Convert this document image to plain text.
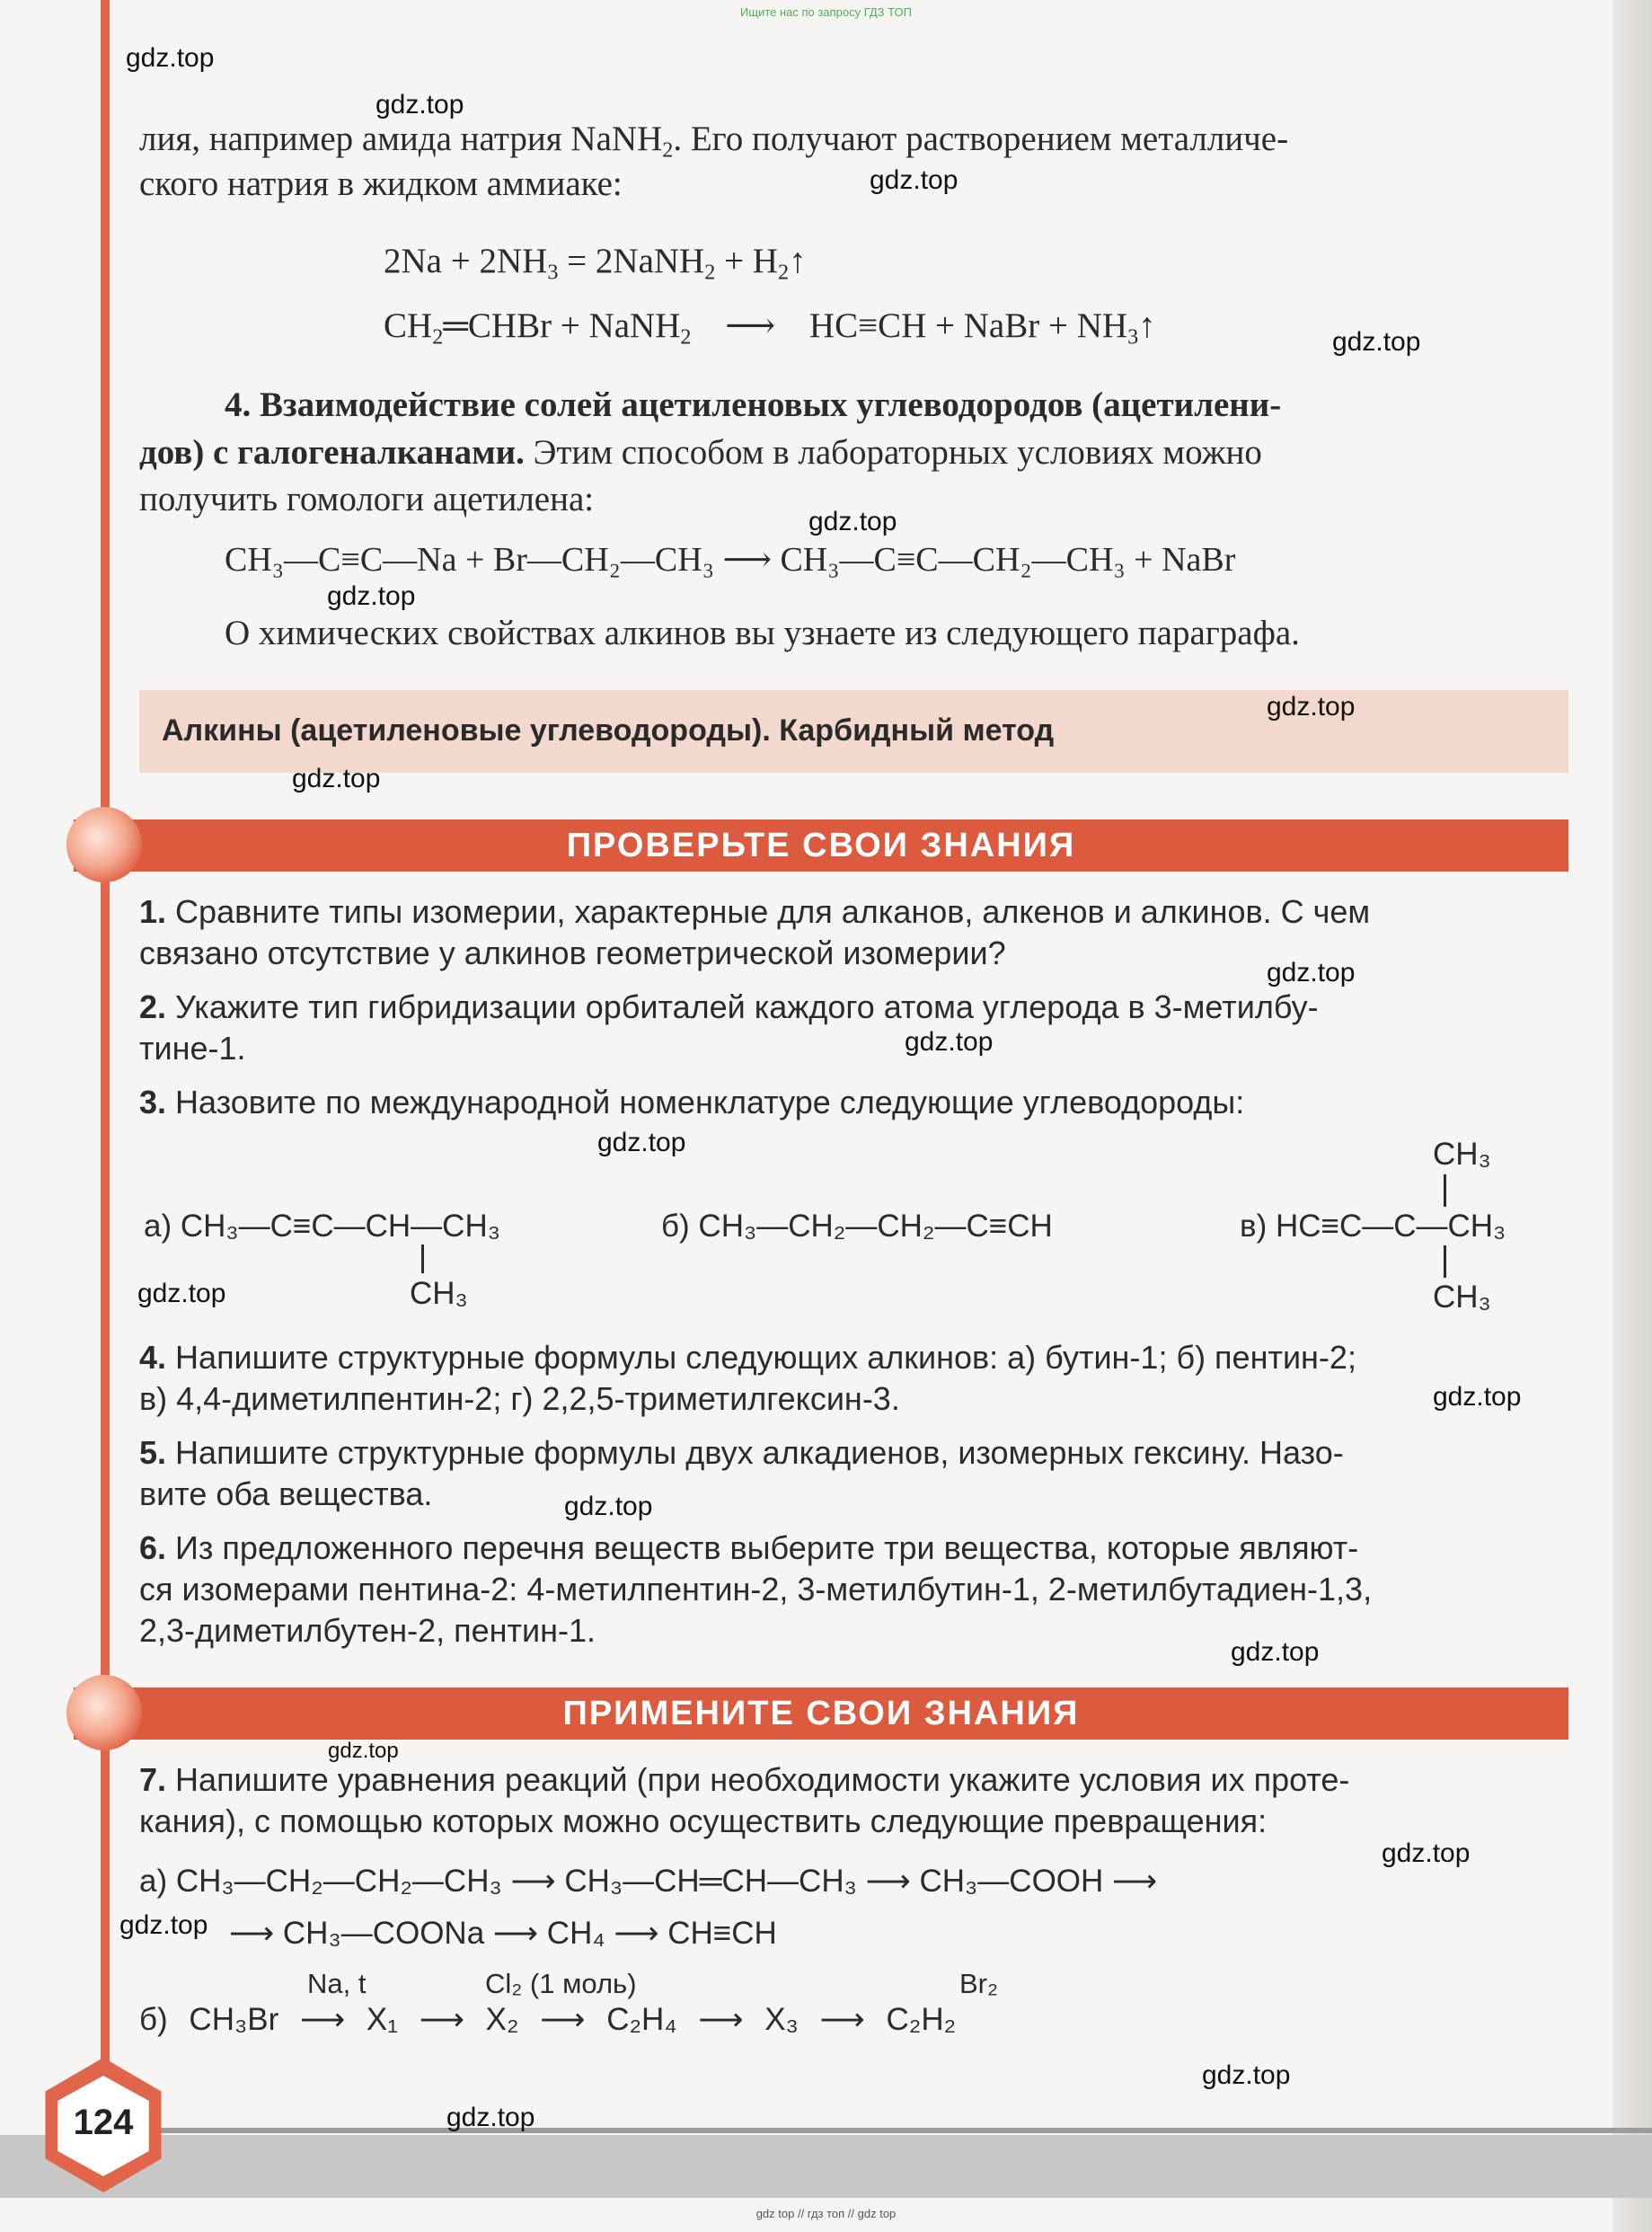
Ищите нас по запросу ГДЗ ТОП
лия, например амида натрия NaNH$_2$. Его получают растворением металличе-
ского натрия в жидком аммиаке:
$2Na + 2NH_3$ = 2NaNH$_2$ + $H_2↑$
$CH_2═CHBr$ + NaNH$_2$ ⟶ HC≡CH + NaBr + $NH_3↑$
4. Взаимодействие солей ацетиленовых углеводородов (ацетилени-
дов) с галогеналканами. Этим способом в лабораторных условиях можно
получить гомологи ацетилена:
CH₃—C≡C—Na + Br—CH₂—CH₃ ⟶ CH₃—C≡C—CH₂—CH₃ + NaBr
О химических свойствах алкинов вы узнаете из следующего параграфа.
Алкины (ацетиленовые углеводороды). Карбидный метод
ПРОВЕРЬТЕ СВОИ ЗНАНИЯ
1. Сравните типы изомерии, характерные для алканов, алкенов и алкинов. С чем
связано отсутствие у алкинов геометрической изомерии?
2. Укажите тип гибридизации орбиталей каждого атома углерода в 3-метилбу-
тине-1.
3. Назовите по международной номенклатуре следующие углеводороды:
а) CH₃—C≡C—CH—CH₃
CH₃
б) CH₃—CH₂—CH₂—C≡CH
CH₃
в) HC≡C—C—CH₃
CH₃
4. Напишите структурные формулы следующих алкинов: а) бутин-1; б) пентин-2;
в) 4,4-диметилпентин-2; г) 2,2,5-триметилгексин-3.
5. Напишите структурные формулы двух алкадиенов, изомерных гексину. Назо-
вите оба вещества.
6. Из предложенного перечня веществ выберите три вещества, которые являют-
ся изомерами пентина-2: 4-метилпентин-2, 3-метилбутин-1, 2-метилбутадиен-1,3,
2,3-диметилбутен-2, пентин-1.
ПРИМЕНИТЕ СВОИ ЗНАНИЯ
7. Напишите уравнения реакций (при необходимости укажите условия их проте-
кания), с помощью которых можно осуществить следующие превращения:
а) CH₃—CH₂—CH₂—CH₃ ⟶ CH₃—CH═CH—CH₃ ⟶ CH₃—COOH ⟶
⟶ CH₃—COONa ⟶ CH₄ ⟶ CH≡CH
Na, t	Cl₂ (1 моль)	Br₂
б) CH₃Br ⟶ X₁ ⟶ X₂ ⟶ C₂H₄ ⟶ X₃ ⟶ C₂H₂
124
gdz top // гдз топ // gdz top
gdz.top
gdz.top
gdz.top
gdz.top
gdz.top
gdz.top
gdz.top
gdz.top
gdz.top
gdz.top
gdz.top
gdz.top
gdz.top
gdz.top
gdz.top
gdz.top
gdz.top
gdz.top
gdz.top
gdz.top
